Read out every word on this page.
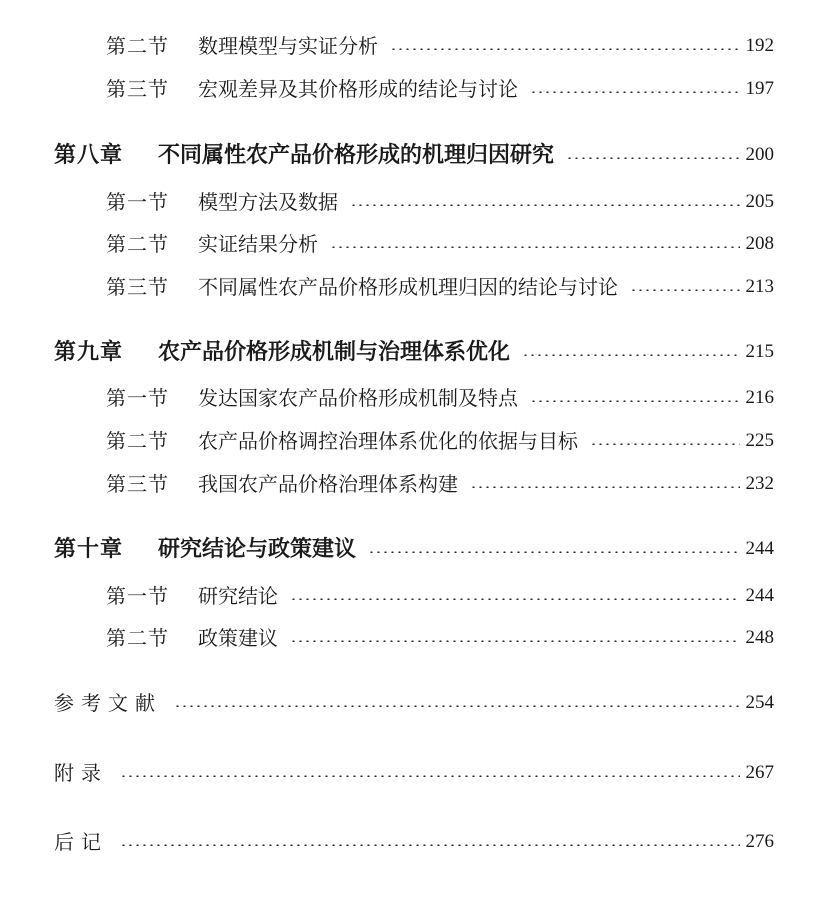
第二节	数理模型与实证分析	192
第三节	宏观差异及其价格形成的结论与讨论	197
第八章	不同属性农产品价格形成的机理归因研究	200
第一节	模型方法及数据	205
第二节	实证结果分析	208
第三节	不同属性农产品价格形成机理归因的结论与讨论	213
第九章	农产品价格形成机制与治理体系优化	215
第一节	发达国家农产品价格形成机制及特点	216
第二节	农产品价格调控治理体系优化的依据与目标	225
第三节	我国农产品价格治理体系构建	232
第十章	研究结论与政策建议	244
第一节	研究结论	244
第二节	政策建议	248
参考文献	254
附录	267
后记	276
